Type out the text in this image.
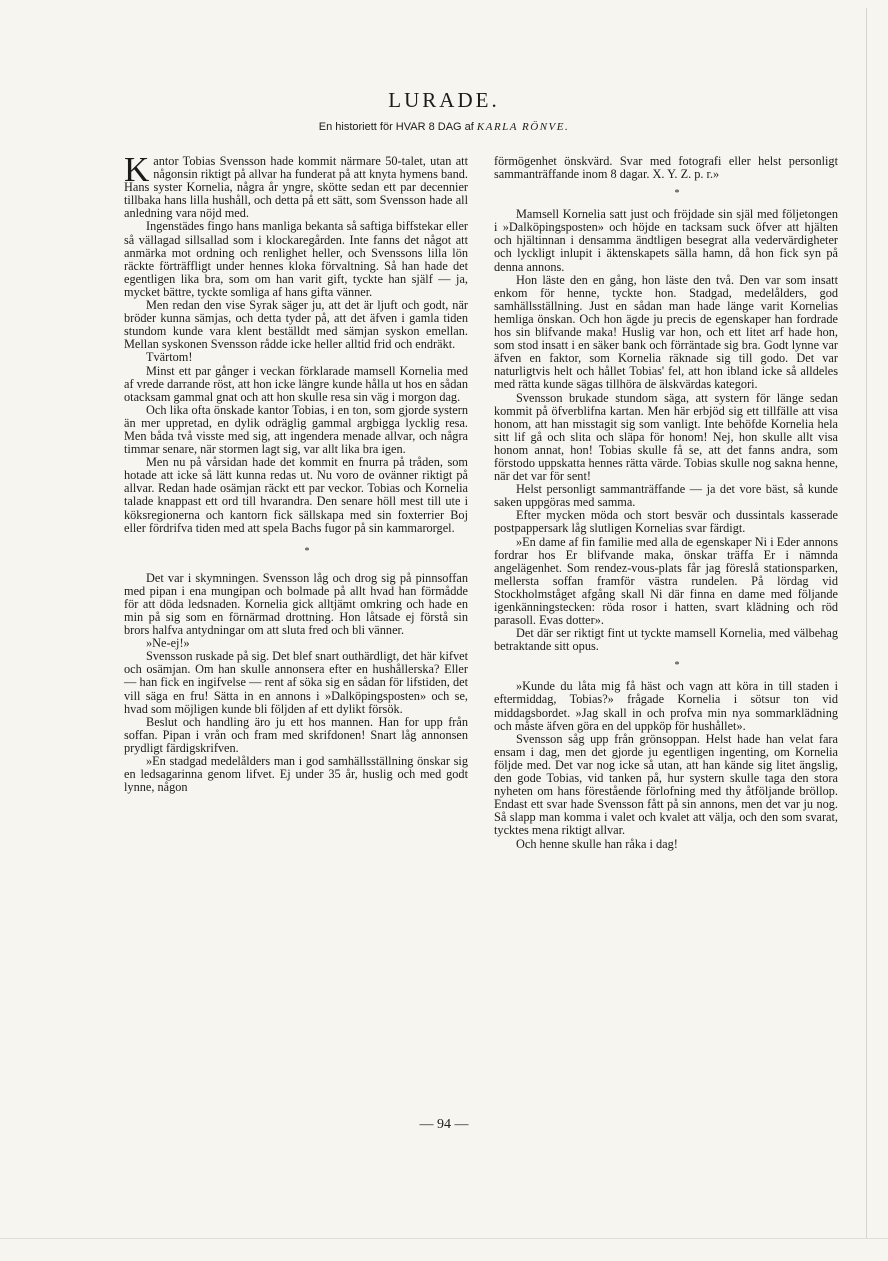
LURADE.
En historiett för HVAR 8 DAG af KARLA RÖNVE.

Kantor Tobias Svensson hade kommit närmare 50-talet, utan att någonsin riktigt på allvar ha funderat på att knyta hymens band. Hans syster Kornelia, några år yngre, skötte sedan ett par decennier tillbaka hans lilla hushåll, och detta på ett sätt, som Svensson hade all anledning vara nöjd med.

Ingenstädes fingo hans manliga bekanta så saftiga biffstekar eller så vällagad sillsallad som i klockaregården. Inte fanns det något att anmärka mot ordning och renlighet heller, och Svenssons lilla lön räckte förträffligt under hennes kloka förvaltning. Så han hade det egentligen lika bra, som om han varit gift, tyckte han själf — ja, mycket bättre, tyckte somliga af hans gifta vänner.

Men redan den vise Syrak säger ju, att det är ljuft och godt, när bröder kunna sämjas, och detta tyder på, att det äfven i gamla tiden stundom kunde vara klent beställdt med sämjan syskon emellan. Mellan syskonen Svensson rådde icke heller alltid frid och endräkt.

Tvärtom!

Minst ett par gånger i veckan förklarade mamsell Kornelia med af vrede darrande röst, att hon icke längre kunde hålla ut hos en sådan otacksam gammal gnat och att hon skulle resa sin väg i morgon dag.

Och lika ofta önskade kantor Tobias, i en ton, som gjorde systern än mer uppretad, en dylik odräglig gammal argbigga lycklig resa. Men båda två visste med sig, att ingendera menade allvar, och några timmar senare, när stormen lagt sig, var allt lika bra igen.

Men nu på vårsidan hade det kommit en fnurra på tråden, som hotade att icke så lätt kunna redas ut. Nu voro de ovänner riktigt på allvar. Redan hade osämjan räckt ett par veckor. Tobias och Kornelia talade knappast ett ord till hvarandra. Den senare höll mest till ute i köksregionerna och kantorn fick sällskapa med sin foxterrier Boj eller fördrifva tiden med att spela Bachs fugor på sin kammarorgel.

*

Det var i skymningen. Svensson låg och drog sig på pinnsoffan med pipan i ena mungipan och bolmade på allt hvad han förmådde för att döda ledsnaden. Kornelia gick alltjämt omkring och hade en min på sig som en förnärmad drottning. Hon låtsade ej förstå sin brors halfva antydningar om att sluta fred och bli vänner.

»Ne-ej!»

Svensson ruskade på sig. Det blef snart outhärdligt, det här kifvet och osämjan. Om han skulle annonsera efter en hushållerska? Eller — han fick en ingifvelse — rent af söka sig en sådan för lifstiden, det vill säga en fru! Sätta in en annons i »Dalköpingsposten» och se, hvad som möjligen kunde bli följden af ett dylikt försök.

Beslut och handling äro ju ett hos mannen. Han for upp från soffan. Pipan i vrån och fram med skrifdonen! Snart låg annonsen prydligt färdigskrifven.

»En stadgad medelålders man i god samhällsställning önskar sig en ledsagarinna genom lifvet. Ej under 35 år, huslig och med godt lynne, någon

förmögenhet önskvärd. Svar med fotografi eller helst personligt sammanträffande inom 8 dagar. X. Y. Z. p. r.»

*

Mamsell Kornelia satt just och fröjdade sin själ med följetongen i »Dalköpingsposten» och höjde en tacksam suck öfver att hjälten och hjältinnan i densamma ändtligen besegrat alla vedervärdigheter och lyckligt inlupit i äktenskapets sälla hamn, då hon fick syn på denna annons.

Hon läste den en gång, hon läste den två. Den var som insatt enkom för henne, tyckte hon. Stadgad, medelålders, god samhällsställning. Just en sådan man hade länge varit Kornelias hemliga önskan. Och hon ägde ju precis de egenskaper han fordrade hos sin blifvande maka! Huslig var hon, och ett litet arf hade hon, som stod insatt i en säker bank och förräntade sig bra. Godt lynne var äfven en faktor, som Kornelia räknade sig till godo. Det var naturligtvis helt och hållet Tobias' fel, att hon ibland icke så alldeles med rätta kunde sägas tillhöra de älskvärdas kategori.

Svensson brukade stundom säga, att systern för länge sedan kommit på öfverblifna kartan. Men här erbjöd sig ett tillfälle att visa honom, att han misstagit sig som vanligt. Inte behöfde Kornelia hela sitt lif gå och slita och släpa för honom! Nej, hon skulle allt visa honom annat, hon! Tobias skulle få se, att det fanns andra, som förstodo uppskatta hennes rätta värde. Tobias skulle nog sakna henne, när det var för sent!

Helst personligt sammanträffande — ja det vore bäst, så kunde saken uppgöras med samma.

Efter mycken möda och stort besvär och dussintals kasserade postpappersark låg slutligen Kornelias svar färdigt.

»En dame af fin familie med alla de egenskaper Ni i Eder annons fordrar hos Er blifvande maka, önskar träffa Er i nämnda angelägenhet. Som rendez-vous-plats får jag föreslå stationsparken, mellersta soffan framför västra rundelen. På lördag vid Stockholmståget afgång skall Ni där finna en dame med följande igenkänningstecken: röda rosor i hatten, svart klädning och röd parasoll. Evas dotter».

Det där ser riktigt fint ut tyckte mamsell Kornelia, med välbehag betraktande sitt opus.

*

»Kunde du låta mig få häst och vagn att köra in till staden i eftermiddag, Tobias?» frågade Kornelia i sötsur ton vid middagsbordet. »Jag skall in och profva min nya sommarklädning och måste äfven göra en del uppköp för hushållet».

Svensson såg upp från grönsoppan. Helst hade han velat fara ensam i dag, men det gjorde ju egentligen ingenting, om Kornelia följde med. Det var nog icke så utan, att han kände sig litet ängslig, den gode Tobias, vid tanken på, hur systern skulle taga den stora nyheten om hans förestående förlofning med thy åtföljande bröllop. Endast ett svar hade Svensson fått på sin annons, men det var ju nog. Så slapp man komma i valet och kvalet att välja, och den som svarat, tycktes mena riktigt allvar.

Och henne skulle han råka i dag!

— 94 —
